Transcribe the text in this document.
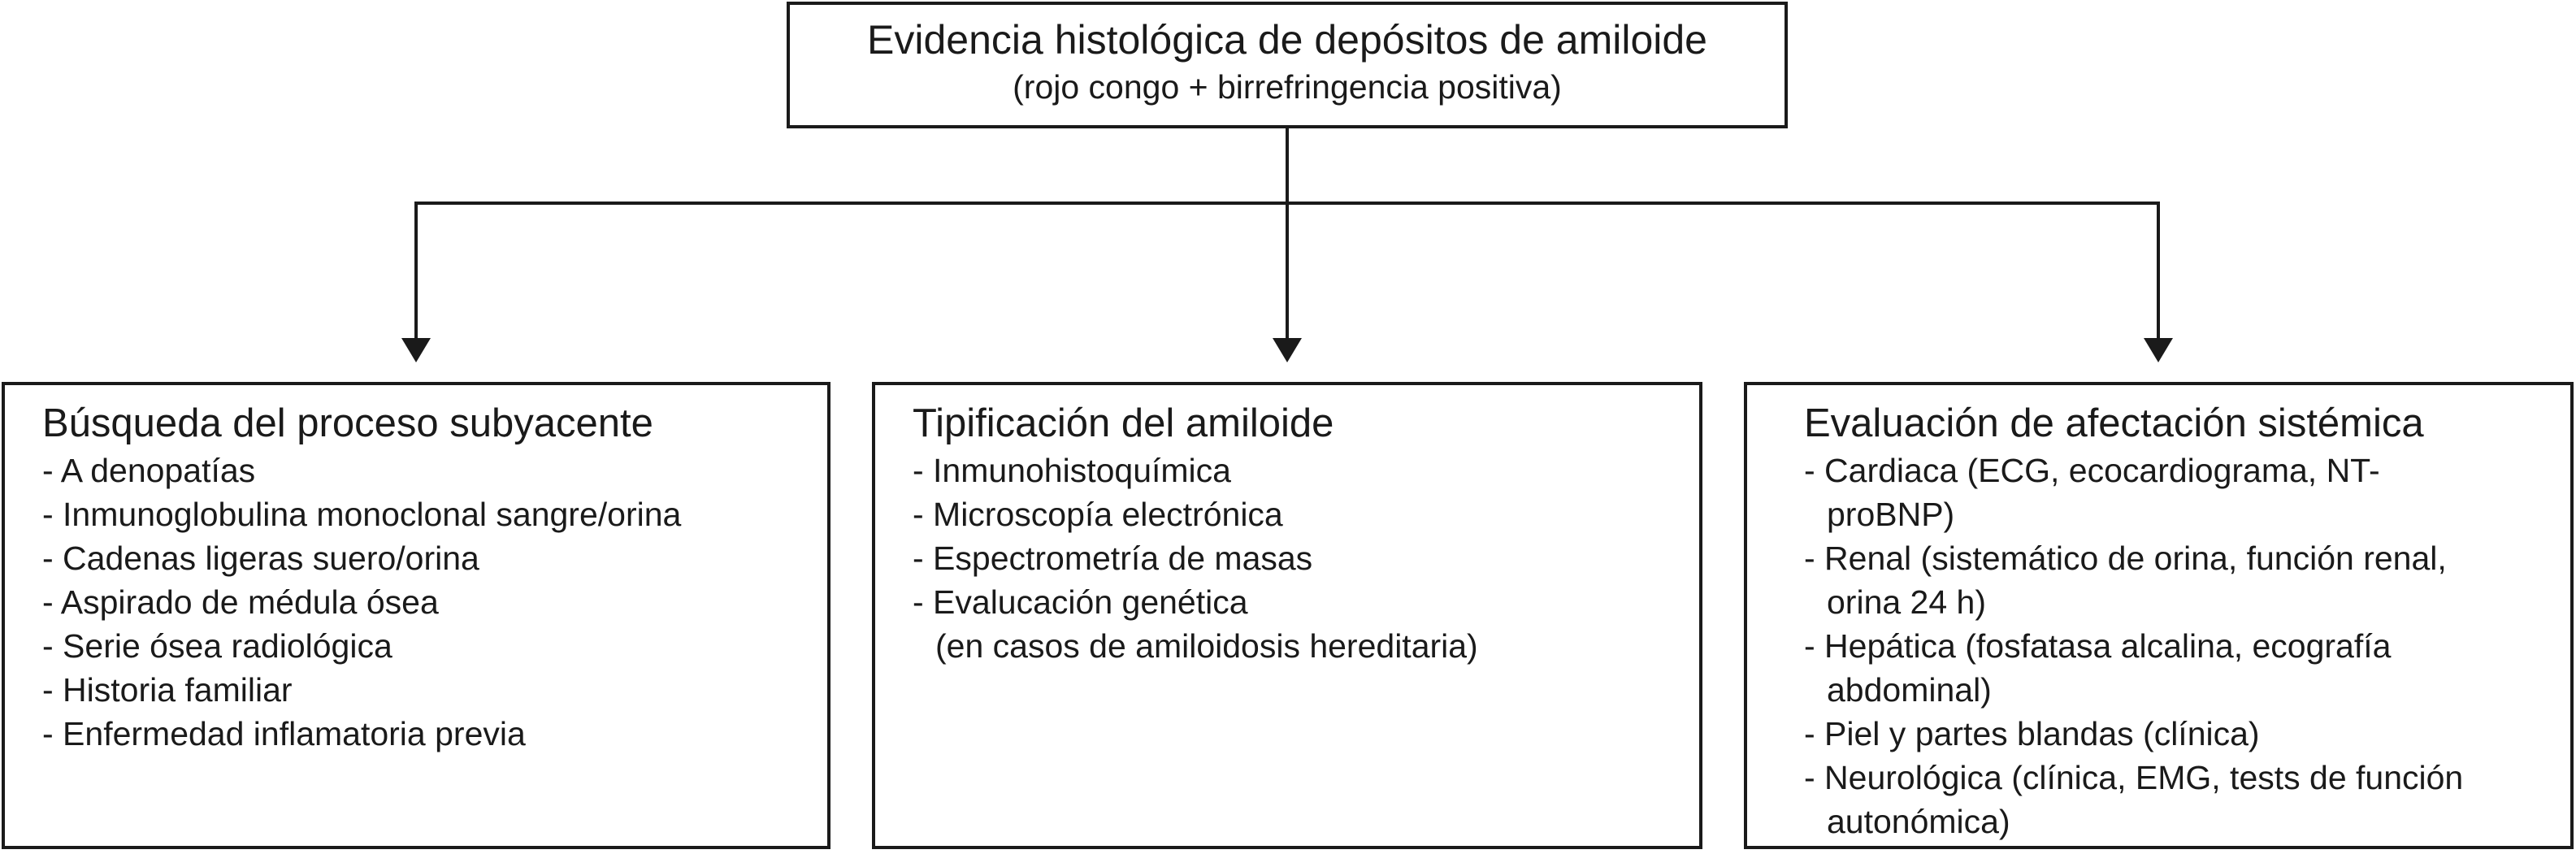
Evidencia histológica de depósitos de amiloide
(rojo congo + birrefringencia positiva)
Búsqueda del proceso subyacente
- A denopatías
- Inmunoglobulina monoclonal sangre/orina
- Cadenas ligeras suero/orina
- Aspirado de médula ósea
- Serie ósea radiológica
- Historia familiar
- Enfermedad inflamatoria previa
Tipificación del amiloide
- Inmunohistoquímica
- Microscopía electrónica
- Espectrometría de masas
- Evalucación genética
(en casos de amiloidosis hereditaria)
Evaluación de afectación sistémica
- Cardiaca (ECG, ecocardiograma, NT-
proBNP)
- Renal (sistemático de orina, función renal,
orina 24 h)
- Hepática (fosfatasa alcalina, ecografía
abdominal)
- Piel y partes blandas (clínica)
- Neurológica (clínica, EMG, tests de función
autonómica)
